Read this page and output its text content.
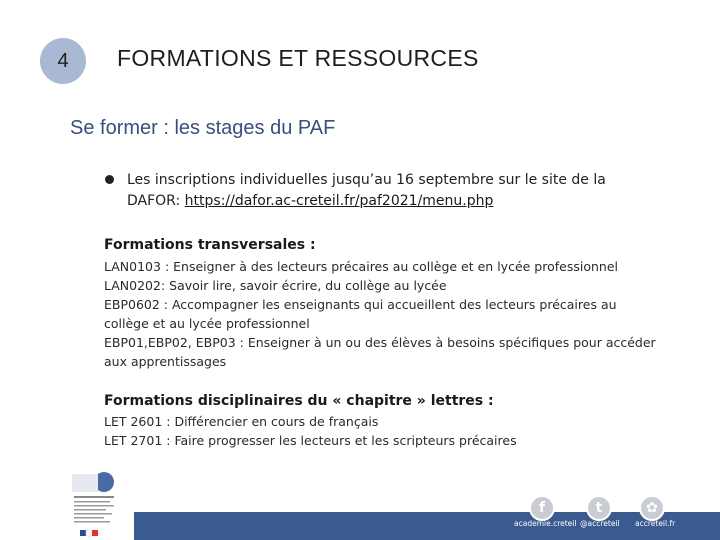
4 FORMATIONS ET RESSOURCES
Se former : les stages du PAF
Les inscriptions individuelles jusqu’au 16 septembre sur le site de la
DAFOR: https://dafor.ac-creteil.fr/paf2021/menu.php
Formations transversales :
LAN0103 : Enseigner à des lecteurs précaires au collège et en lycée professionnel
LAN0202: Savoir lire, savoir écrire, du collège au lycée
EBP0602 : Accompagner les enseignants qui accueillent des lecteurs précaires au
collège et au lycée professionnel
EBP01,EBP02, EBP03 : Enseigner à un ou des élèves à besoins spécifiques pour accéder
aux apprentissages
Formations disciplinaires du « chapitre » lettres :
LET 2601 : Différencier en cours de français
LET 2701 : Faire progresser les lecteurs et les scripteurs précaires
f
academie.creteil
t
@accreteil
✿
accreteil.fr
